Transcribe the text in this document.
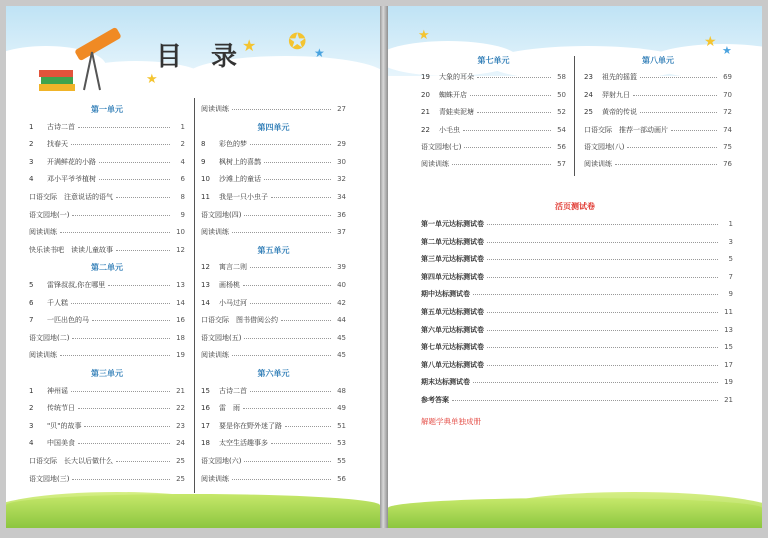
目 录
★ ✪ ★
★
第一单元
1	古诗二首	1
2	找春天	2
3	开满鲜花的小路	4
4	邓小平爷爷植树	6
口语交际　注意说话的语气	8
语文园地(一)	9
阅读训练	10
快乐读书吧　读读儿童故事	12
第二单元
5	雷锋叔叔,你在哪里	13
6	千人糕	14
7	一匹出色的马	16
语文园地(二)	18
阅读训练	19
第三单元
1	神州谣	21
2	传统节日	22
3	"贝"的故事	23
4	中国美食	24
口语交际　长大以后做什么	25
语文园地(三)	25
阅读训练	27
第四单元
8	彩色的梦	29
9	枫树上的喜鹊	30
10	沙滩上的童话	32
11	我是一只小虫子	34
语文园地(四)	36
阅读训练	37
第五单元
12	寓言二则	39
13	画杨桃	40
14	小马过河	42
口语交际　图书借阅公约	44
语文园地(五)	45
阅读训练	45
第六单元
15	古诗二首	48
16	雷　雨	49
17	要是你在野外迷了路	51
18	太空生活趣事多	53
语文园地(六)	55
阅读训练	56
★	★
★
第七单元
19	大象的耳朵	58
20	蜘蛛开店	50
21	青蛙卖泥塘	52
22	小毛虫	54
语文园地(七)	56
阅读训练	57
第八单元
23	祖先的摇篮	69
24	羿射九日	70
25	黄帝的传说	72
口语交际　推荐一部动画片	74
语文园地(八)	75
阅读训练	76
活页测试卷
第一单元达标测试卷	1
第二单元达标测试卷	3
第三单元达标测试卷	5
第四单元达标测试卷	7
期中达标测试卷	9
第五单元达标测试卷	11
第六单元达标测试卷	13
第七单元达标测试卷	15
第八单元达标测试卷	17
期末达标测试卷	19
参考答案	21
解题学典单独成册
